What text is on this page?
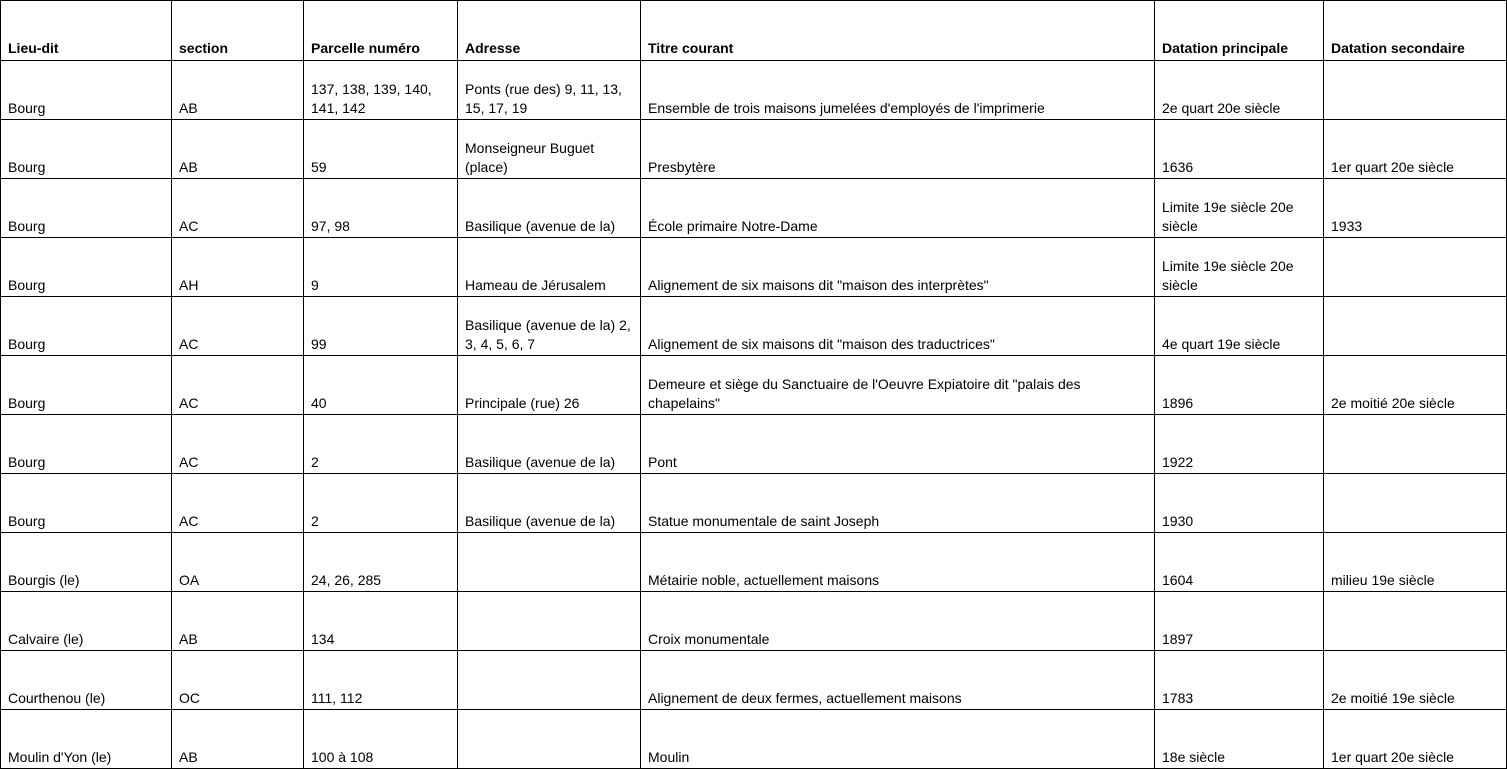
Lieu-dit	section	Parcelle numéro	Adresse	Titre courant	Datation principale	Datation secondaire
Bourg	AB	137, 138, 139, 140, 141, 142	Ponts (rue des) 9, 11, 13, 15, 17, 19	Ensemble de trois maisons jumelées d'employés de l'imprimerie	2e quart 20e siècle	
Bourg	AB	59	Monseigneur Buguet (place)	Presbytère	1636	1er quart 20e siècle
Bourg	AC	97, 98	Basilique (avenue de la)	École primaire Notre-Dame	Limite 19e siècle 20e siècle	1933
Bourg	AH	9	Hameau de Jérusalem	Alignement de six maisons dit "maison des interprètes"	Limite 19e siècle 20e siècle	
Bourg	AC	99	Basilique (avenue de la) 2, 3, 4, 5, 6, 7	Alignement de six maisons dit "maison des traductrices"	4e quart 19e siècle	
Bourg	AC	40	Principale (rue) 26	Demeure et siège du Sanctuaire de l'Oeuvre Expiatoire dit "palais des chapelains"	1896	2e moitié 20e siècle
Bourg	AC	2	Basilique (avenue de la)	Pont	1922	
Bourg	AC	2	Basilique (avenue de la)	Statue monumentale de saint Joseph	1930	
Bourgis (le)	OA	24, 26, 285		Métairie noble, actuellement maisons	1604	milieu 19e siècle
Calvaire (le)	AB	134		Croix monumentale	1897	
Courthenou (le)	OC	111, 112		Alignement de deux fermes, actuellement maisons	1783	2e moitié 19e siècle
Moulin d'Yon (le)	AB	100 à 108		Moulin	18e siècle	1er quart 20e siècle
